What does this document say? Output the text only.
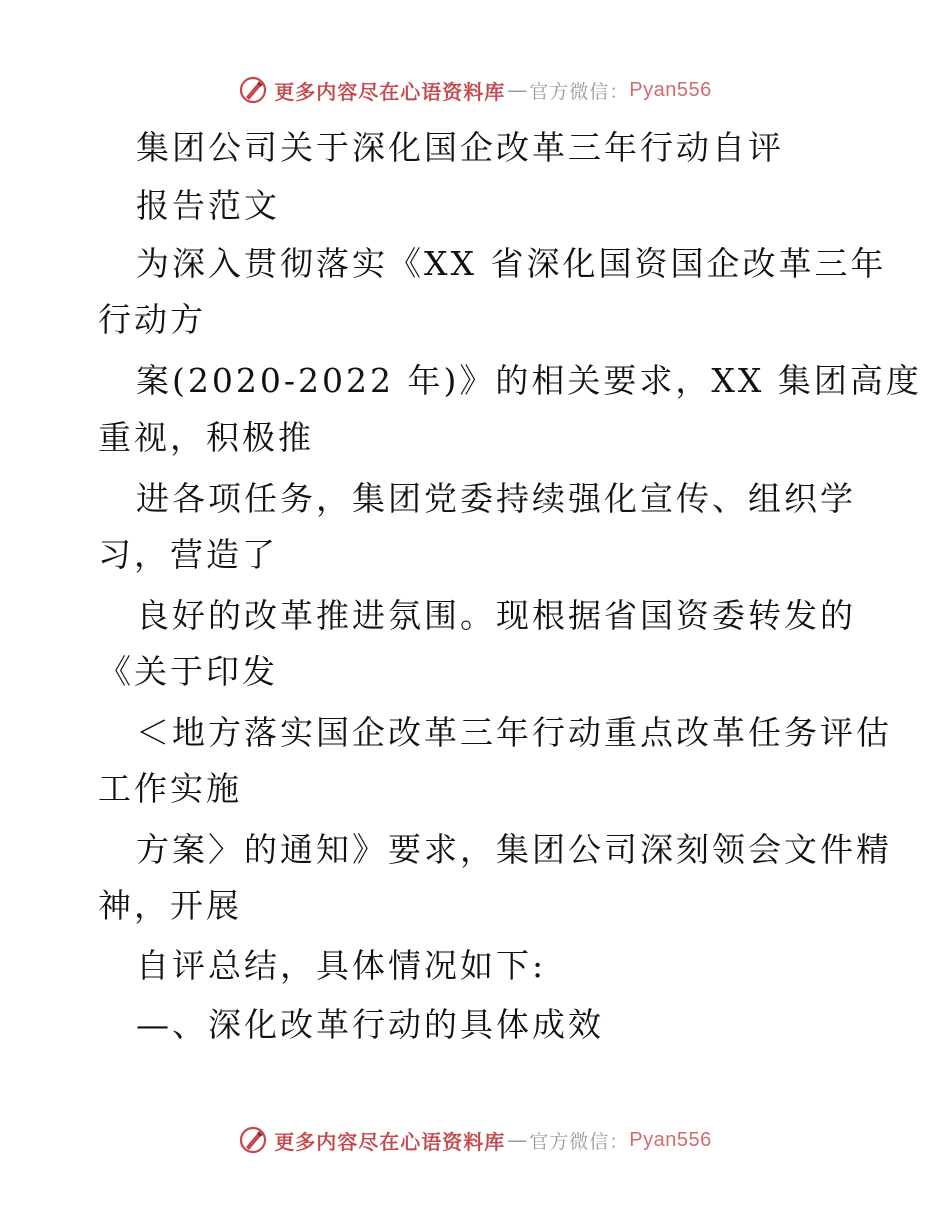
更多内容尽在心语资料库 — 官方微信： Pyan556
集团公司关于深化国企改革三年行动自评
报告范文
为深入贯彻落实《XX 省深化国资国企改革三年
行动方
案(2020-2022 年)》的相关要求，XX 集团高度
重视，积极推
进各项任务，集团党委持续强化宣传、组织学
习，营造了
良好的改革推进氛围。现根据省国资委转发的
《关于印发
＜地方落实国企改革三年行动重点改革任务评估
工作实施
方案〉的通知》要求，集团公司深刻领会文件精
神，开展
自评总结，具体情况如下:
—、深化改革行动的具体成效
更多内容尽在心语资料库 — 官方微信： Pyan556
